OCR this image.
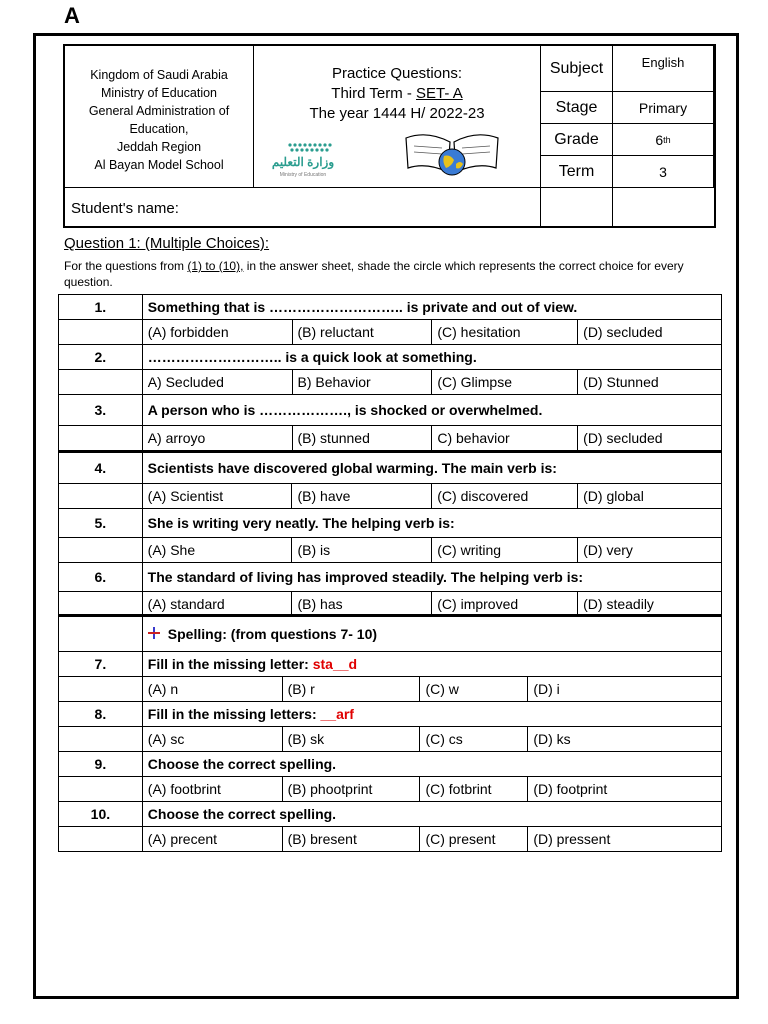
A
Kingdom of Saudi Arabia
Ministry of Education
General Administration of
Education,
Jeddah Region
Al Bayan Model School
Practice Questions:
Third Term - SET- A
The year 1444 H/ 2022-23
Subject	English
Stage	Primary
Grade	6 th
Term	3
Student's name:
وزارة التعليم
Ministry of Education
Question 1: (Multiple Choices):
For the questions from (1) to (10), in the answer sheet, shade the circle which represents the correct choice for every question.
1.	Something that is ……………………….. is private and out of view.			
	(A) forbidden	(B) reluctant	(C) hesitation	(D) secluded
2.	……………………….. is a quick look at something.			
	A) Secluded	B) Behavior	(C) Glimpse	(D) Stunned
3.	A person who is ………………., is shocked or overwhelmed.			
	A) arroyo	(B) stunned	C) behavior	(D) secluded
4.	Scientists have discovered global warming. The main verb is:			
	(A) Scientist	(B) have	(C) discovered	(D) global
5.	She is writing very neatly. The helping verb is:			
	(A) She	(B) is	(C) writing	(D) very
6.	The standard of living has improved steadily. The helping verb is:			
	(A) standard	(B) has	(C) improved	(D) steadily

Spelling: (from questions 7- 10)			
7.	Fill in the missing letter: sta__d			
	(A) n	(B) r	(C) w	(D) i
8.	Fill in the missing letters: __arf			
	(A) sc	(B) sk	(C) cs	(D) ks
9.	Choose the correct spelling.			
	(A) footbrint	(B) phootprint	(C) fotbrint	(D) footprint
10.	Choose the correct spelling.			
	(A) precent	(B) bresent	(C) present	(D) pressent
